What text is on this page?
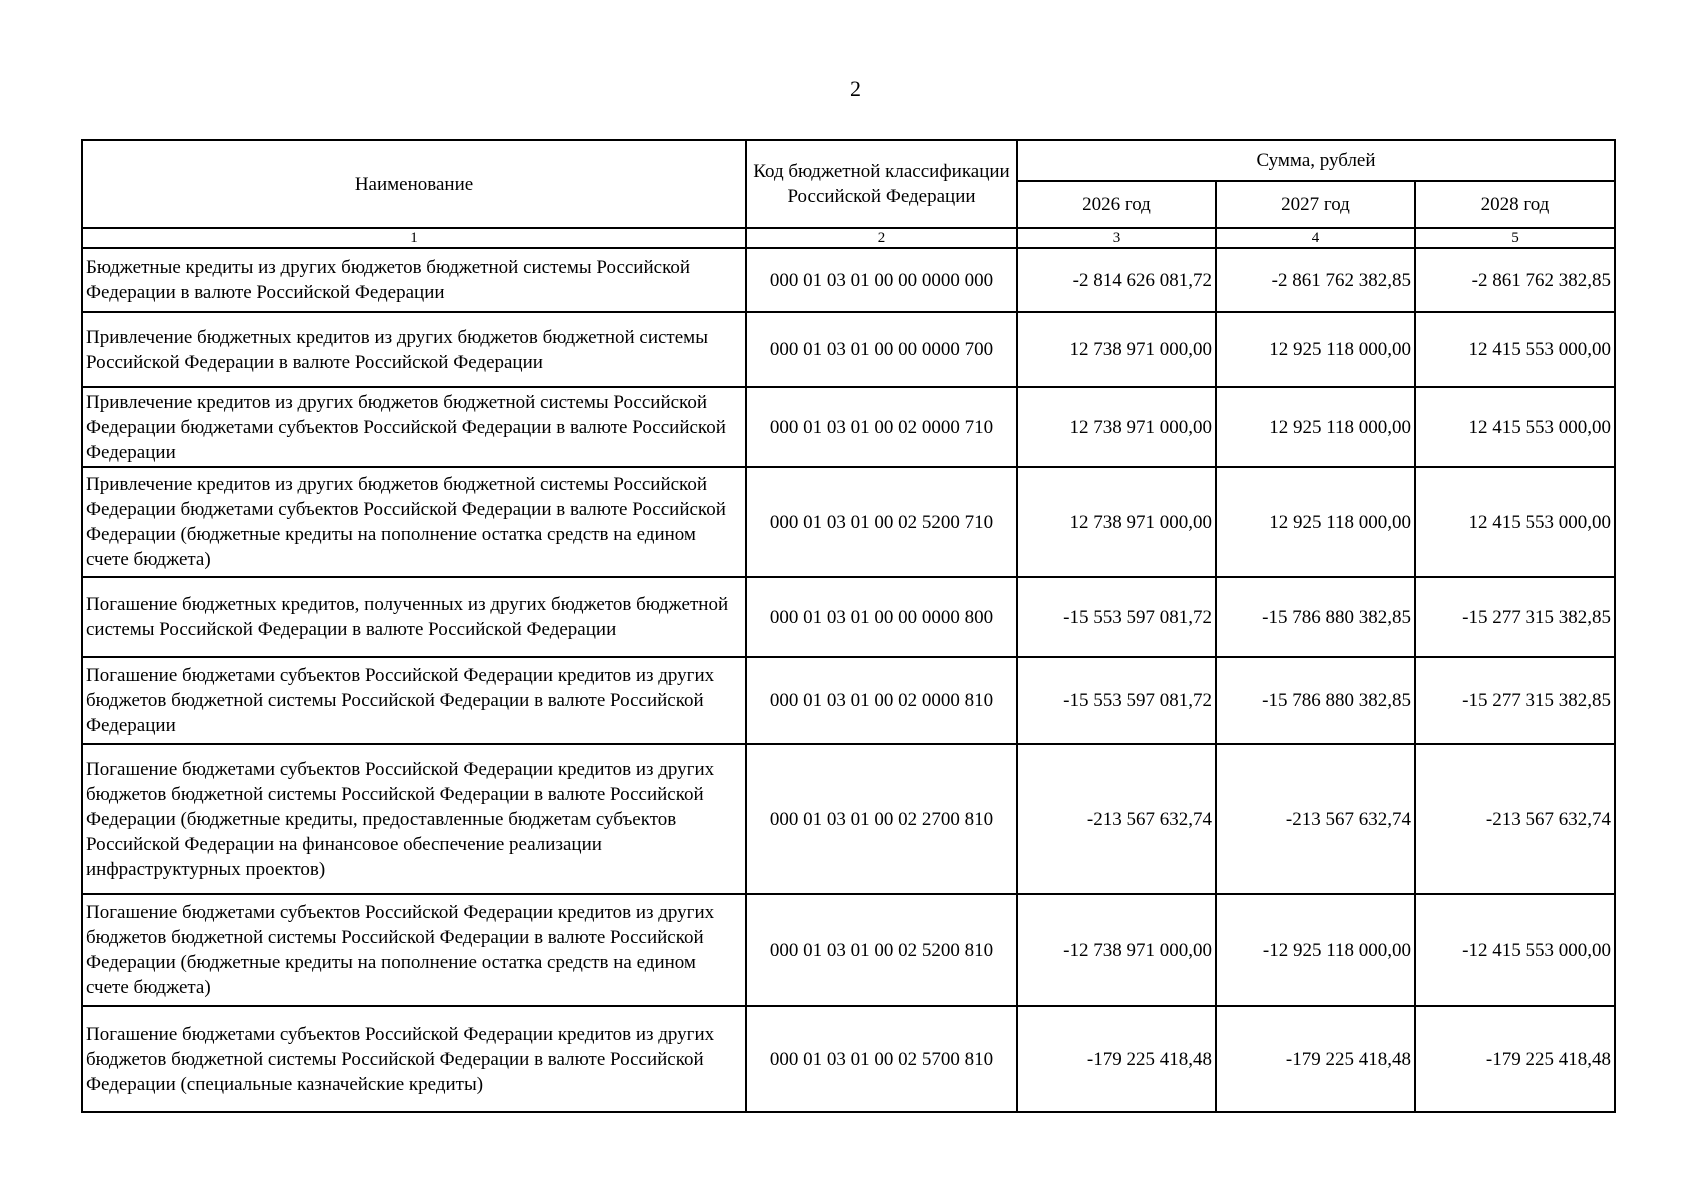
2
Наименование	Код бюджетной классификации Российской Федерации	Сумма, рублей		
		2026 год	2027 год	2028 год
1	2	3	4	5
Бюджетные кредиты из других бюджетов бюджетной системы Российской Федерации в валюте Российской Федерации	000 01 03 01 00 00 0000 000	-2 814 626 081,72	-2 861 762 382,85	-2 861 762 382,85
Привлечение бюджетных кредитов из других бюджетов бюджетной системы Российской Федерации в валюте Российской Федерации	000 01 03 01 00 00 0000 700	12 738 971 000,00	12 925 118 000,00	12 415 553 000,00
Привлечение кредитов из других бюджетов бюджетной системы Российской Федерации бюджетами субъектов Российской Федерации в валюте Российской Федерации	000 01 03 01 00 02 0000 710	12 738 971 000,00	12 925 118 000,00	12 415 553 000,00
Привлечение кредитов из других бюджетов бюджетной системы Российской Федерации бюджетами субъектов Российской Федерации в валюте Российской Федерации (бюджетные кредиты на пополнение остатка средств на едином счете бюджета)	000 01 03 01 00 02 5200 710	12 738 971 000,00	12 925 118 000,00	12 415 553 000,00
Погашение бюджетных кредитов, полученных из других бюджетов бюджетной системы Российской Федерации в валюте Российской Федерации	000 01 03 01 00 00 0000 800	-15 553 597 081,72	-15 786 880 382,85	-15 277 315 382,85
Погашение бюджетами субъектов Российской Федерации кредитов из других бюджетов бюджетной системы Российской Федерации в валюте Российской Федерации	000 01 03 01 00 02 0000 810	-15 553 597 081,72	-15 786 880 382,85	-15 277 315 382,85
Погашение бюджетами субъектов Российской Федерации кредитов из других бюджетов бюджетной системы Российской Федерации в валюте Российской Федерации (бюджетные кредиты, предоставленные бюджетам субъектов Российской Федерации на финансовое обеспечение реализации инфраструктурных проектов)	000 01 03 01 00 02 2700 810	-213 567 632,74	-213 567 632,74	-213 567 632,74
Погашение бюджетами субъектов Российской Федерации кредитов из других бюджетов бюджетной системы Российской Федерации в валюте Российской Федерации (бюджетные кредиты на пополнение остатка средств на едином счете бюджета)	000 01 03 01 00 02 5200 810	-12 738 971 000,00	-12 925 118 000,00	-12 415 553 000,00
Погашение бюджетами субъектов Российской Федерации кредитов из других бюджетов бюджетной системы Российской Федерации в валюте Российской Федерации (специальные казначейские кредиты)	000 01 03 01 00 02 5700 810	-179 225 418,48	-179 225 418,48	-179 225 418,48
